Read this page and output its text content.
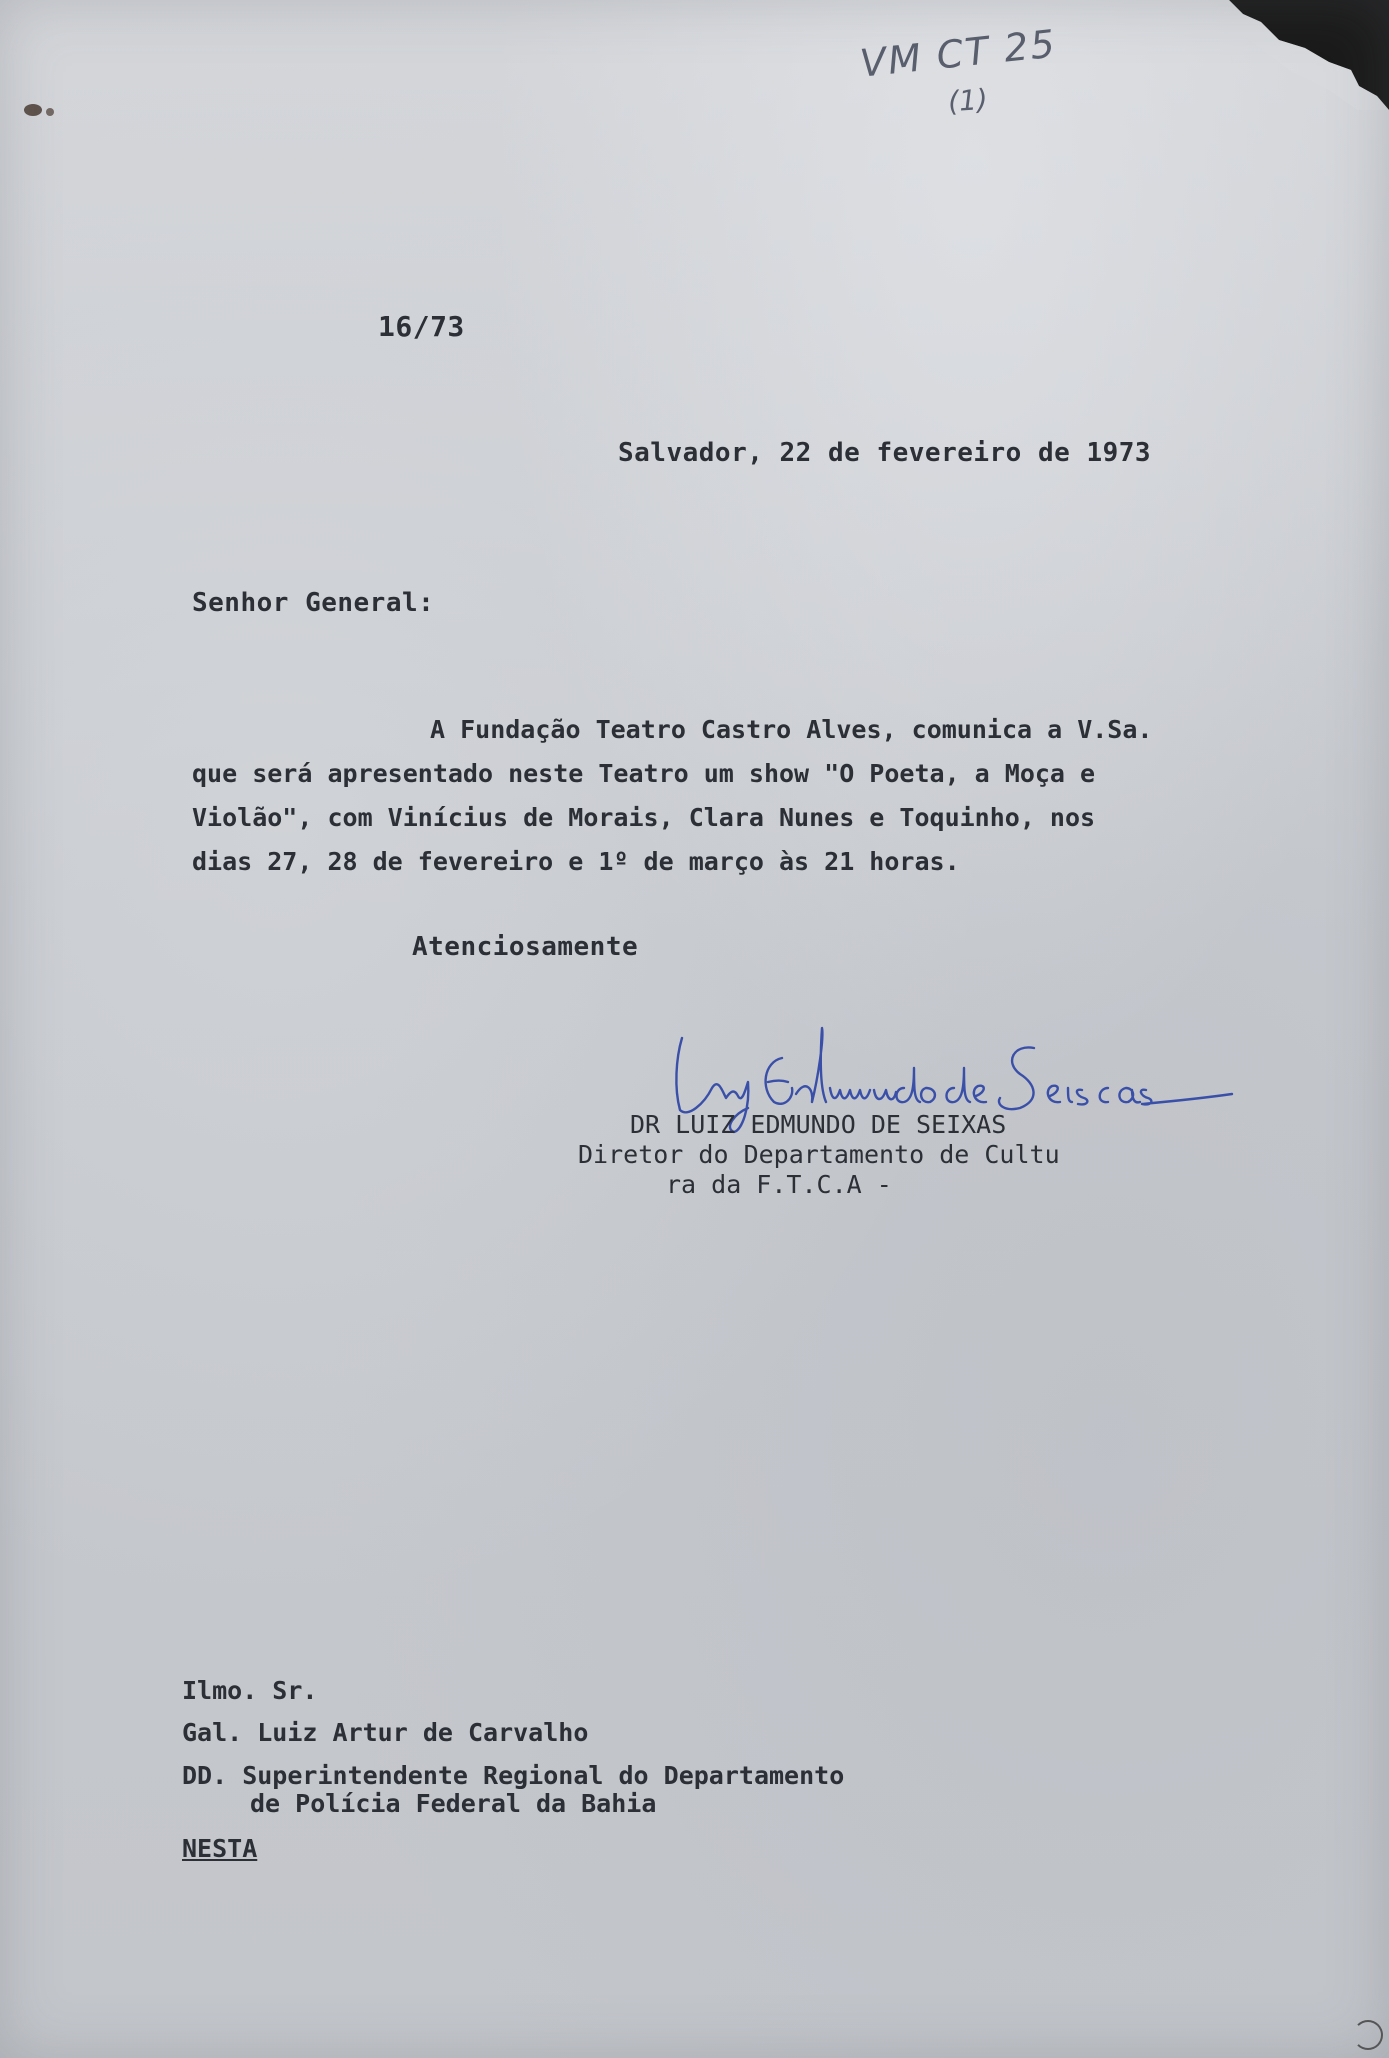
VM CT 25
(1)
16/73
Salvador, 22 de fevereiro de 1973
Senhor General:
A Fundação Teatro Castro Alves, comunica a V.Sa.
que será apresentado neste Teatro um show "O Poeta, a Moça e
Violão", com Vinícius de Morais, Clara Nunes e Toquinho, nos
dias 27, 28 de fevereiro e 1º de março às 21 horas.
Atenciosamente
DR LUIZ EDMUNDO DE SEIXAS
Diretor do Departamento de Cultu
ra da F.T.C.A -
Ilmo. Sr.
Gal. Luiz Artur de Carvalho
DD. Superintendente Regional do Departamento
de Polícia Federal da Bahia
NESTA
